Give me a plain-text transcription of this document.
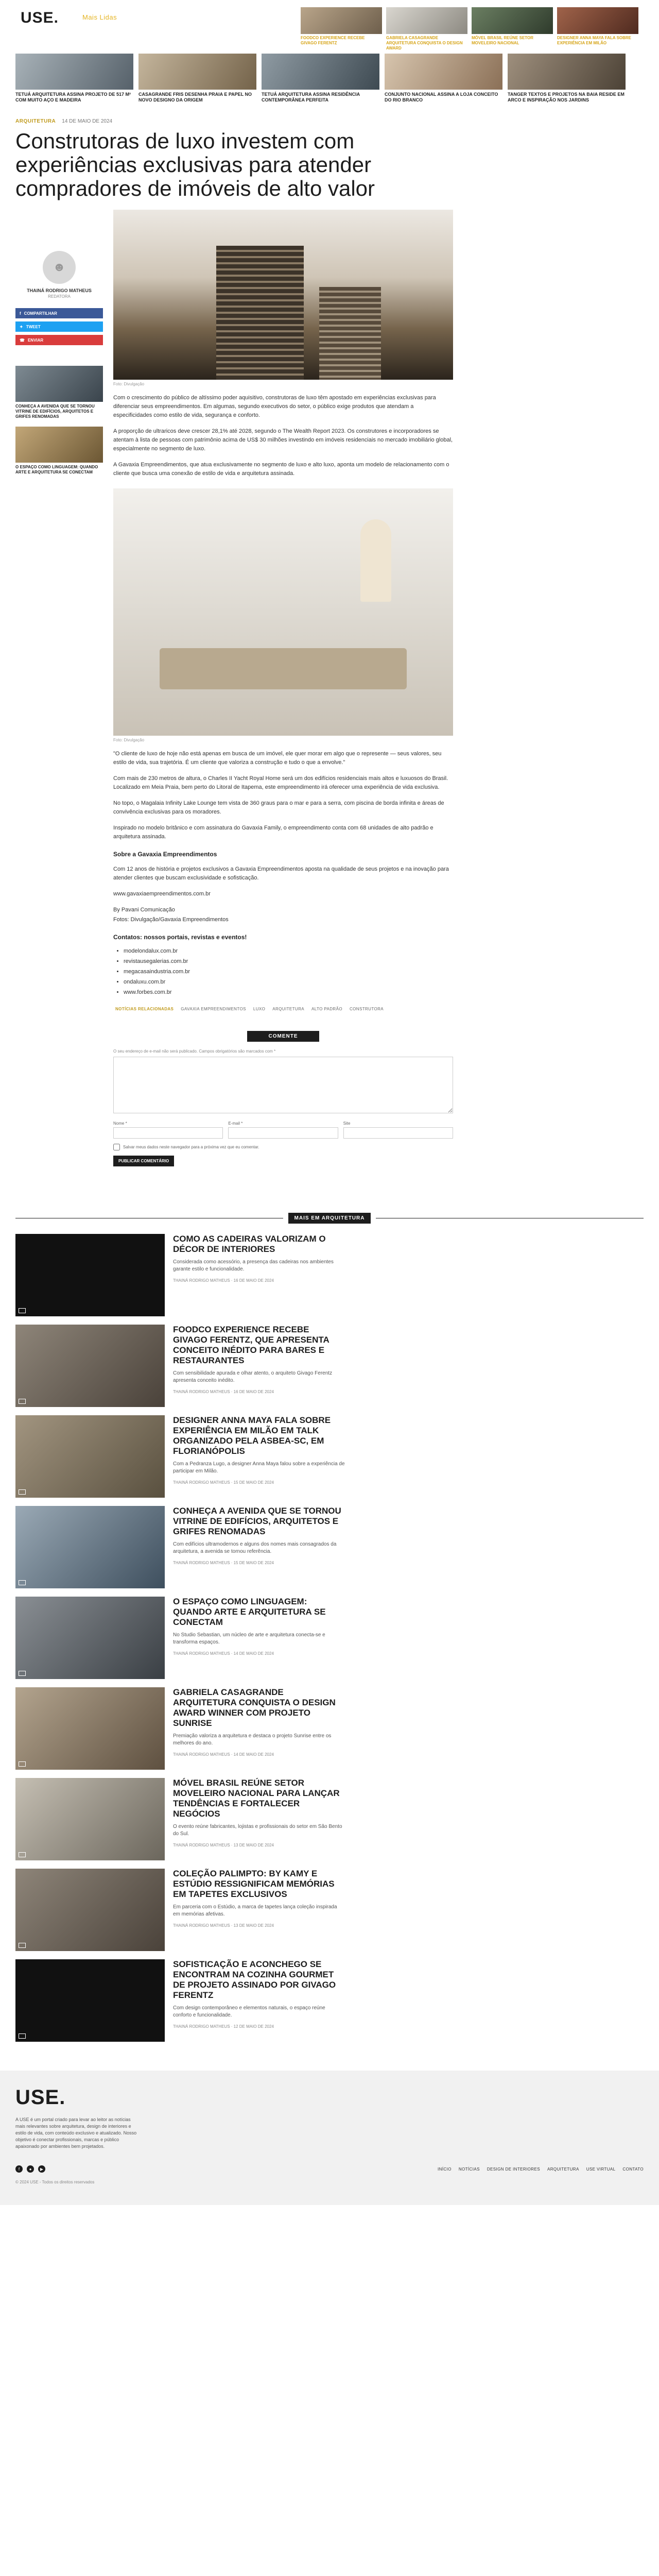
USE.	Mais Lidas
FOODCO EXPERIENCE RECEBE GIVAGO FERENTZ
GABRIELA CASAGRANDE ARQUITETURA CONQUISTA O DESIGN AWARD
MÓVEL BRASIL REÚNE SETOR MOVELEIRO NACIONAL
DESIGNER ANNA MAYA FALA SOBRE EXPERIÊNCIA EM MILÃO
TETUÁ ARQUITETURA ASSINA PROJETO DE 517 M² COM MUITO AÇO E MADEIRA
CASAGRANDE FRIS DESENHA PRAIA E PAPEL NO NOVO DESIGNO DA ORIGEM
TETUÁ ARQUITETURA ASSINA RESIDÊNCIA CONTEMPORÂNEA PERFEITA
CONJUNTO NACIONAL ASSINA A LOJA CONCEITO DO RIO BRANCO
TANGER TEXTOS E PROJETOS NA BAIA RESIDE EM ARCO E INSPIRAÇÃO NOS JARDINS
ARQUITETURA 14 DE MAIO DE 2024
Construtoras de luxo investem com experiências exclusivas para atender compradores de imóveis de alto valor
☻
THAINÁ RODRIGO MATHEUS
REDATORA
f COMPARTILHAR
✦ TWEET
☎ ENVIAR
CONHEÇA A AVENIDA QUE SE TORNOU VITRINE DE EDIFÍCIOS, ARQUITETOS E GRIFES RENOMADAS
O ESPAÇO COMO LINGUAGEM: QUANDO ARTE E ARQUITETURA SE CONECTAM
Foto: Divulgação

Com o crescimento do público de altíssimo poder aquisitivo, construtoras de luxo têm apostado em experiências exclusivas para diferenciar seus empreendimentos. Em algumas, segundo executivos do setor, o público exige produtos que atendam a especificidades como estilo de vida, segurança e conforto.

A proporção de ultraricos deve crescer 28,1% até 2028, segundo o The Wealth Report 2023. Os construtores e incorporadores se atentam à lista de pessoas com patrimônio acima de US$ 30 milhões investindo em imóveis residenciais no mercado imobiliário global, especialmente no segmento de luxo.

A Gavaxia Empreendimentos, que atua exclusivamente no segmento de luxo e alto luxo, aponta um modelo de relacionamento com o cliente que busca uma conexão de estilo de vida e arquitetura assinada.

Foto: Divulgação

"O cliente de luxo de hoje não está apenas em busca de um imóvel, ele quer morar em algo que o represente — seus valores, seu estilo de vida, sua trajetória. É um cliente que valoriza a construção e tudo o que a envolve."

Com mais de 230 metros de altura, o Charles II Yacht Royal Home será um dos edifícios residenciais mais altos e luxuosos do Brasil. Localizado em Meia Praia, bem perto do Litoral de Itapema, este empreendimento irá oferecer uma experiência de vida exclusiva.

No topo, o Magalaia Infinity Lake Lounge tem vista de 360 graus para o mar e para a serra, com piscina de borda infinita e áreas de convivência exclusivas para os moradores.

Inspirado no modelo britânico e com assinatura do Gavaxia Family, o empreendimento conta com 68 unidades de alto padrão e arquitetura assinada.

Sobre a Gavaxia Empreendimentos

Com 12 anos de história e projetos exclusivos a Gavaxia Empreendimentos aposta na qualidade de seus projetos e na inovação para atender clientes que buscam exclusividade e sofisticação.

www.gavaxiaempreendimentos.com.br

By Pavani Comunicação

Fotos: Divulgação/Gavaxia Empreendimentos

Contatos: nossos portais, revistas e eventos!
• modelondalux.com.br
• revistausegalerias.com.br
• megacasaindustria.com.br
• ondaluxu.com.br
• www.forbes.com.br
NOTÍCIAS RELACIONADAS	GAVAXIA EMPREENDIMENTOS	LUXO	ARQUITETURA	ALTO PADRÃO	CONSTRUTORA
COMENTE
O seu endereço de e-mail não será publicado. Campos obrigatórios são marcados com *
Nome *	E-mail *	Site
Salvar meus dados neste navegador para a próxima vez que eu comentar.
PUBLICAR COMENTÁRIO
MAIS EM ARQUITETURA
COMO AS CADEIRAS VALORIZAM O DÉCOR DE INTERIORES

Considerada como acessório, a presença das cadeiras nos ambientes garante estilo e funcionalidade.

THAINÁ RODRIGO MATHEUS · 16 DE MAIO DE 2024
FOODCO EXPERIENCE RECEBE GIVAGO FERENTZ, QUE APRESENTA CONCEITO INÉDITO PARA BARES E RESTAURANTES

Com sensibilidade apurada e olhar atento, o arquiteto Givago Ferentz apresenta conceito inédito.

THAINÁ RODRIGO MATHEUS · 16 DE MAIO DE 2024
DESIGNER ANNA MAYA FALA SOBRE EXPERIÊNCIA EM MILÃO EM TALK ORGANIZADO PELA ASBEA-SC, EM FLORIANÓPOLIS

Com a Pedranza Lugo, a designer Anna Maya falou sobre a experiência de participar em Milão.

THAINÁ RODRIGO MATHEUS · 15 DE MAIO DE 2024
CONHEÇA A AVENIDA QUE SE TORNOU VITRINE DE EDIFÍCIOS, ARQUITETOS E GRIFES RENOMADAS

Com edifícios ultramodernos e alguns dos nomes mais consagrados da arquitetura, a avenida se tornou referência.

THAINÁ RODRIGO MATHEUS · 15 DE MAIO DE 2024
O ESPAÇO COMO LINGUAGEM: QUANDO ARTE E ARQUITETURA SE CONECTAM

No Studio Sebastian, um núcleo de arte e arquitetura conecta-se e transforma espaços.

THAINÁ RODRIGO MATHEUS · 14 DE MAIO DE 2024
GABRIELA CASAGRANDE ARQUITETURA CONQUISTA O DESIGN AWARD WINNER COM PROJETO SUNRISE

Premiação valoriza a arquitetura e destaca o projeto Sunrise entre os melhores do ano.

THAINÁ RODRIGO MATHEUS · 14 DE MAIO DE 2024
MÓVEL BRASIL REÚNE SETOR MOVELEIRO NACIONAL PARA LANÇAR TENDÊNCIAS E FORTALECER NEGÓCIOS

O evento reúne fabricantes, lojistas e profissionais do setor em São Bento do Sul.

THAINÁ RODRIGO MATHEUS · 13 DE MAIO DE 2024
COLEÇÃO PALIMPTO: BY KAMY E ESTÚDIO RESSIGNIFICAM MEMÓRIAS EM TAPETES EXCLUSIVOS

Em parceria com o Estúdio, a marca de tapetes lança coleção inspirada em memórias afetivas.

THAINÁ RODRIGO MATHEUS · 13 DE MAIO DE 2024
SOFISTICAÇÃO E ACONCHEGO SE ENCONTRAM NA COZINHA GOURMET DE PROJETO ASSINADO POR GIVAGO FERENTZ

Com design contemporâneo e elementos naturais, o espaço reúne conforto e funcionalidade.

THAINÁ RODRIGO MATHEUS · 12 DE MAIO DE 2024
USE.

A USE é um portal criado para levar ao leitor as notícias mais relevantes sobre arquitetura, design de interiores e estilo de vida, com conteúdo exclusivo e atualizado. Nosso objetivo é conectar profissionais, marcas e público apaixonado por ambientes bem projetados.

f	●	▶	INÍCIO NOTÍCIAS DESIGN DE INTERIORES ARQUITETURA USE VIRTUAL CONTATO
© 2024 USE - Todos os direitos reservados
